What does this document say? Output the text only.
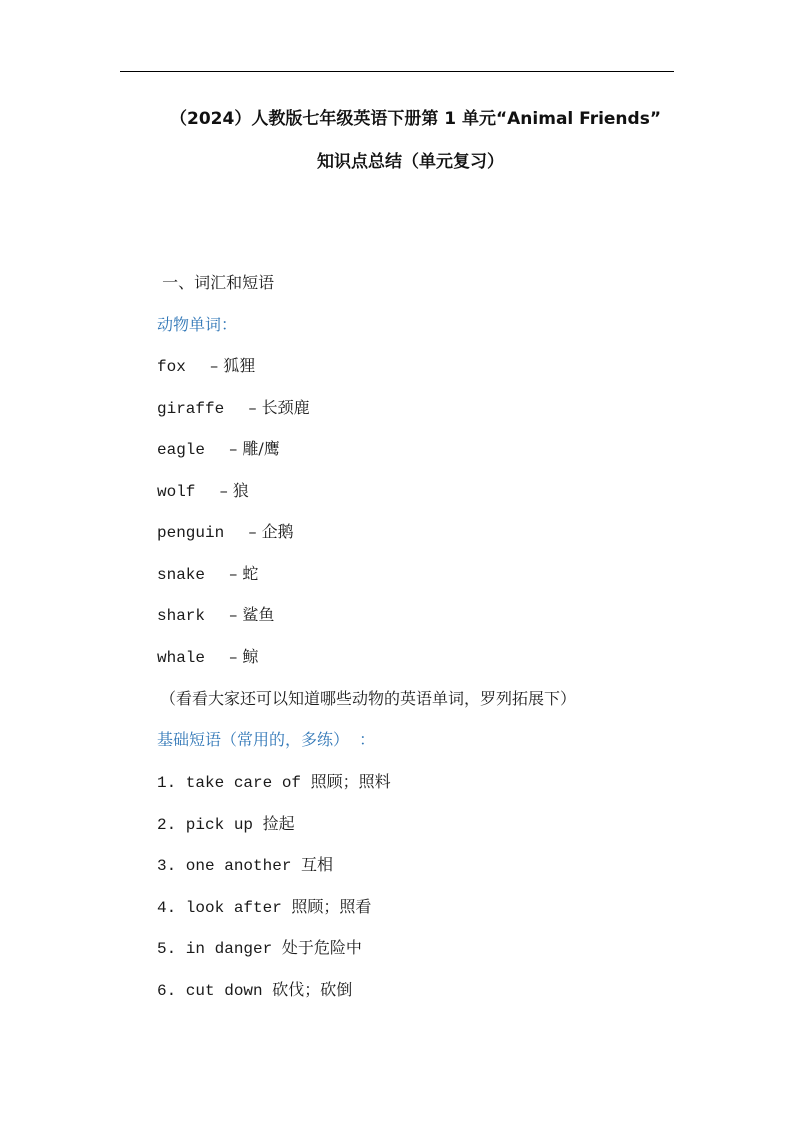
（2024）人教版七年级英语下册第 1 单元“Animal Friends”
知识点总结（单元复习）
一、词汇和短语
动物单词：
fox   – 狐狸
giraffe   – 长颈鹿
eagle   – 雕/鹰
wolf   – 狼
penguin   – 企鹅
snake   – 蛇
shark   – 鲨鱼
whale   – 鲸
（看看大家还可以知道哪些动物的英语单词，罗列拓展下）
基础短语（常用的，多练）  ：
1. take care of 照顾；照料
2. pick up 捡起
3. one another 互相
4. look after 照顾；照看
5. in danger 处于危险中
6. cut down 砍伐；砍倒
